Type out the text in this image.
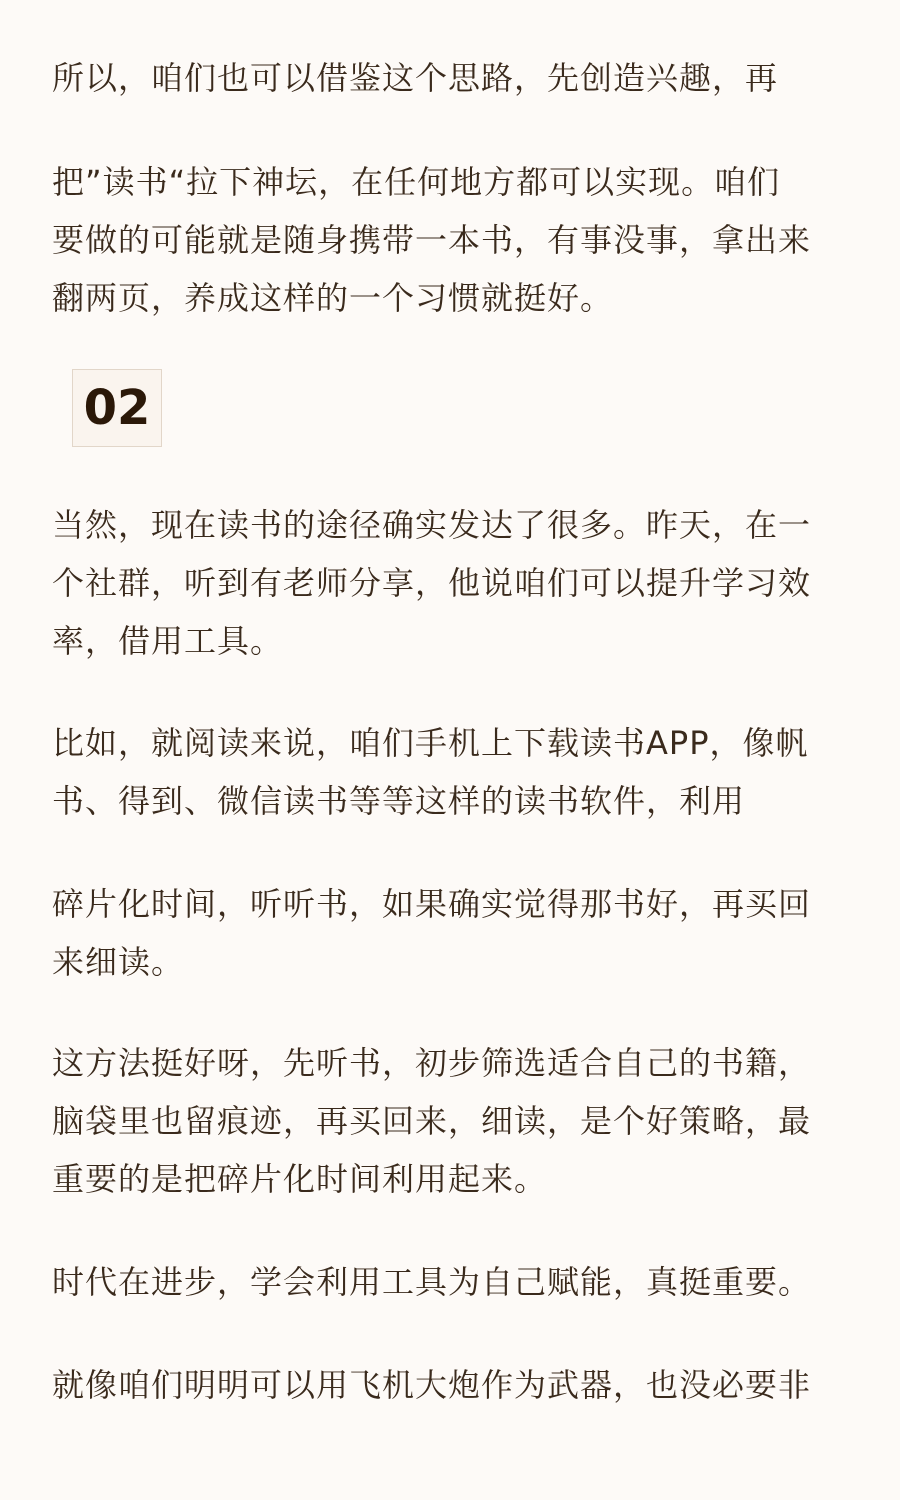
所以，咱们也可以借鉴这个思路，先创造兴趣，再

把”读书“拉下神坛，在任何地方都可以实现。咱们
要做的可能就是随身携带一本书，有事没事，拿出来
翻两页，养成这样的一个习惯就挺好。

02

当然，现在读书的途径确实发达了很多。昨天，在一
个社群，听到有老师分享，他说咱们可以提升学习效
率，借用工具。

比如，就阅读来说，咱们手机上下载读书APP，像帆
书、得到、微信读书等等这样的读书软件，利用

碎片化时间，听听书，如果确实觉得那书好，再买回
来细读。

这方法挺好呀，先听书，初步筛选适合自己的书籍，
脑袋里也留痕迹，再买回来，细读，是个好策略，最
重要的是把碎片化时间利用起来。

时代在进步，学会利用工具为自己赋能，真挺重要。

就像咱们明明可以用飞机大炮作为武器，也没必要非
